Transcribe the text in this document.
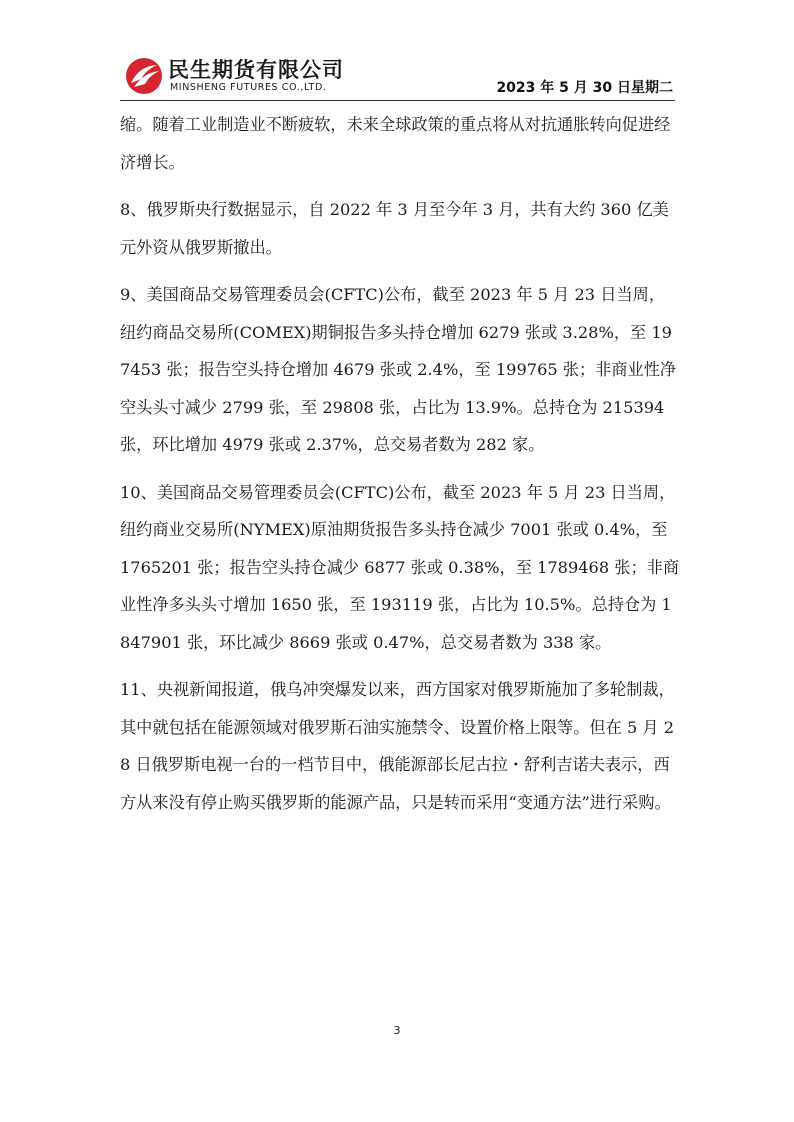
民生期货有限公司
MINSHENG FUTURES CO.,LTD.	2023 年 5 月 30 日星期二

缩。随着工业制造业不断疲软，未来全球政策的重点将从对抗通胀转向促进经济增长。

8、俄罗斯央行数据显示，自 2022 年 3 月至今年 3 月，共有大约 360 亿美元外资从俄罗斯撤出。

9、美国商品交易管理委员会(CFTC)公布，截至 2023 年 5 月 23 日当周，纽约商品交易所(COMEX)期铜报告多头持仓增加 6279 张或 3.28%，至 197453 张；报告空头持仓增加 4679 张或 2.4%，至 199765 张；非商业性净空头头寸减少 2799 张，至 29808 张，占比为 13.9%。总持仓为 215394 张，环比增加 4979 张或 2.37%，总交易者数为 282 家。

10、美国商品交易管理委员会(CFTC)公布，截至 2023 年 5 月 23 日当周，纽约商业交易所(NYMEX)原油期货报告多头持仓减少 7001 张或 0.4%，至 1765201 张；报告空头持仓减少 6877 张或 0.38%，至 1789468 张；非商业性净多头头寸增加 1650 张，至 193119 张，占比为 10.5%。总持仓为 1847901 张，环比减少 8669 张或 0.47%，总交易者数为 338 家。

11、央视新闻报道，俄乌冲突爆发以来，西方国家对俄罗斯施加了多轮制裁，其中就包括在能源领域对俄罗斯石油实施禁令、设置价格上限等。但在 5 月 28 日俄罗斯电视一台的一档节目中，俄能源部长尼古拉・舒利吉诺夫表示，西方从来没有停止购买俄罗斯的能源产品，只是转而采用“变通方法”进行采购。

3
